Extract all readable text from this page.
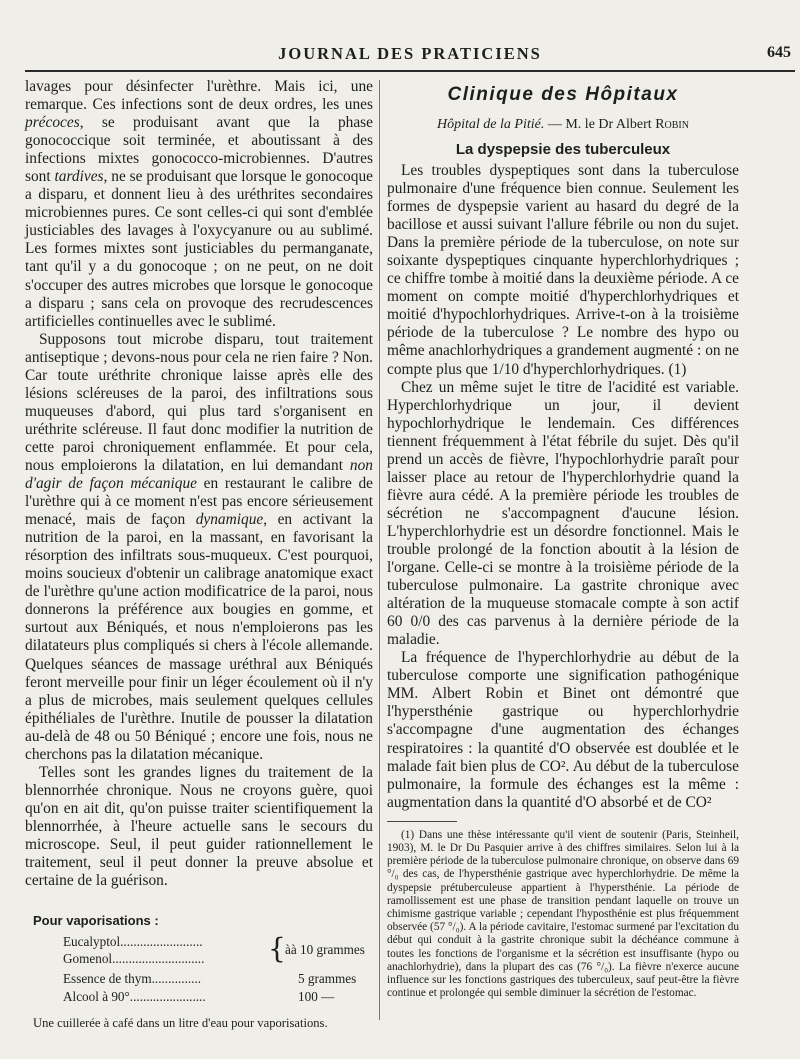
JOURNAL DES PRATICIENS	645

lavages pour désinfecter l'urèthre. Mais ici, une remarque. Ces infections sont de deux ordres, les unes précoces, se produisant avant que la phase gonococcique soit terminée, et aboutissant à des infections mixtes gonococco-microbiennes. D'autres sont tardives, ne se produisant que lorsque le gonocoque a disparu, et donnent lieu à des uréthrites secondaires microbiennes pures. Ce sont celles-ci qui sont d'emblée justiciables des lavages à l'oxycyanure ou au sublimé. Les formes mixtes sont justiciables du permanganate, tant qu'il y a du gonocoque ; on ne peut, on ne doit s'occuper des autres microbes que lorsque le gonocoque a disparu ; sans cela on provoque des recrudescences artificielles continuelles avec le sublimé.

Supposons tout microbe disparu, tout traitement antiseptique ; devons-nous pour cela ne rien faire ? Non. Car toute uréthrite chronique laisse après elle des lésions scléreuses de la paroi, des infiltrations sous muqueuses d'abord, qui plus tard s'organisent en uréthrite scléreuse. Il faut donc modifier la nutrition de cette paroi chroniquement enflammée. Et pour cela, nous emploierons la dilatation, en lui demandant non d'agir de façon mécanique en restaurant le calibre de l'urèthre qui à ce moment n'est pas encore sérieusement menacé, mais de façon dynamique, en activant la nutrition de la paroi, en la massant, en favorisant la résorption des infiltrats sous-muqueux. C'est pourquoi, moins soucieux d'obtenir un calibrage anatomique exact de l'urèthre qu'une action modificatrice de la paroi, nous donnerons la préférence aux bougies en gomme, et surtout aux Béniqués, et nous n'emploierons pas les dilatateurs plus compliqués si chers à l'école allemande. Quelques séances de massage uréthral aux Béniqués feront merveille pour finir un léger écoulement où il n'y a plus de microbes, mais seulement quelques cellules épithéliales de l'urèthre. Inutile de pousser la dilatation au-delà de 48 ou 50 Béniqué ; encore une fois, nous ne cherchons pas la dilatation mécanique.

Telles sont les grandes lignes du traitement de la blennorrhée chronique. Nous ne croyons guère, quoi qu'on en ait dit, qu'on puisse traiter scientifiquement la blennorrhée, à l'heure actuelle sans le secours du microscope. Seul, il peut guider rationnellement le traitement, seul il peut donner la preuve absolue et certaine de la guérison.

Pour vaporisations :
Eucalyptol.........................
Gomenol............................ { àà 10 grammes
Essence de thym...............	5 grammes
Alcool à 90°.......................	100 —
Une cuillerée à café dans un litre d'eau pour vaporisations.
Clinique des Hôpitaux
Hôpital de la Pitié. — M. le Dr Albert Robin
La dyspepsie des tuberculeux

Les troubles dyspeptiques sont dans la tuberculose pulmonaire d'une fréquence bien connue. Seulement les formes de dyspepsie varient au hasard du degré de la bacillose et aussi suivant l'allure fébrile ou non du sujet. Dans la première période de la tuberculose, on note sur soixante dyspeptiques cinquante hyperchlorhydriques ; ce chiffre tombe à moitié dans la deuxième période. A ce moment on compte moitié d'hyperchlorhydriques et moitié d'hypochlorhydriques. Arrive-t-on à la troisième période de la tuberculose ? Le nombre des hypo ou même anachlorhydriques a grandement augmenté : on ne compte plus que 1/10 d'hyperchlorhydriques. (1)

Chez un même sujet le titre de l'acidité est variable. Hyperchlorhydrique un jour, il devient hypochlorhydrique le lendemain. Ces différences tiennent fréquemment à l'état fébrile du sujet. Dès qu'il prend un accès de fièvre, l'hypochlorhydrie paraît pour laisser place au retour de l'hyperchlorhydrie quand la fièvre aura cédé. A la première période les troubles de sécrétion ne s'accompagnent d'aucune lésion. L'hyperchlorhydrie est un désordre fonctionnel. Mais le trouble prolongé de la fonction aboutit à la lésion de l'organe. Celle-ci se montre à la troisième période de la tuberculose pulmonaire. La gastrite chronique avec altération de la muqueuse stomacale compte à son actif 60 0/0 des cas parvenus à la dernière période de la maladie.

La fréquence de l'hyperchlorhydrie au début de la tuberculose comporte une signification pathogénique MM. Albert Robin et Binet ont démontré que l'hypersthénie gastrique ou hyperchlorhydrie s'accompagne d'une augmentation des échanges respiratoires : la quantité d'O observée est doublée et le malade fait bien plus de CO². Au début de la tuberculose pulmonaire, la formule des échanges est la même : augmentation dans la quantité d'O absorbé et de CO²

(1) Dans une thèse intéressante qu'il vient de soutenir (Paris, Steinheil, 1903), M. le Dr Du Pasquier arrive à des chiffres similaires. Selon lui à la première période de la tuberculose pulmonaire chronique, on observe dans 69 °/₀ des cas, de l'hypersthénie gastrique avec hyperchlorhydrie. De même la dyspepsie prétuberculeuse appartient à l'hypersthénie. La période de ramollissement est une phase de transition pendant laquelle on trouve un chimisme gastrique variable ; cependant l'hyposthénie est plus fréquemment observée (57 °/₀). A la période cavitaire, l'estomac surmené par l'excitation du début qui conduit à la gastrite chronique subit la déchéance commune à toutes les fonctions de l'organisme et la sécrétion est insuffisante (hypo ou anachlorhydrie), dans la plupart des cas (76 °/₀). La fièvre n'exerce aucune influence sur les fonctions gastriques des tuberculeux, sauf peut-être la fièvre continue et prolongée qui semble diminuer la sécrétion de l'estomac.
